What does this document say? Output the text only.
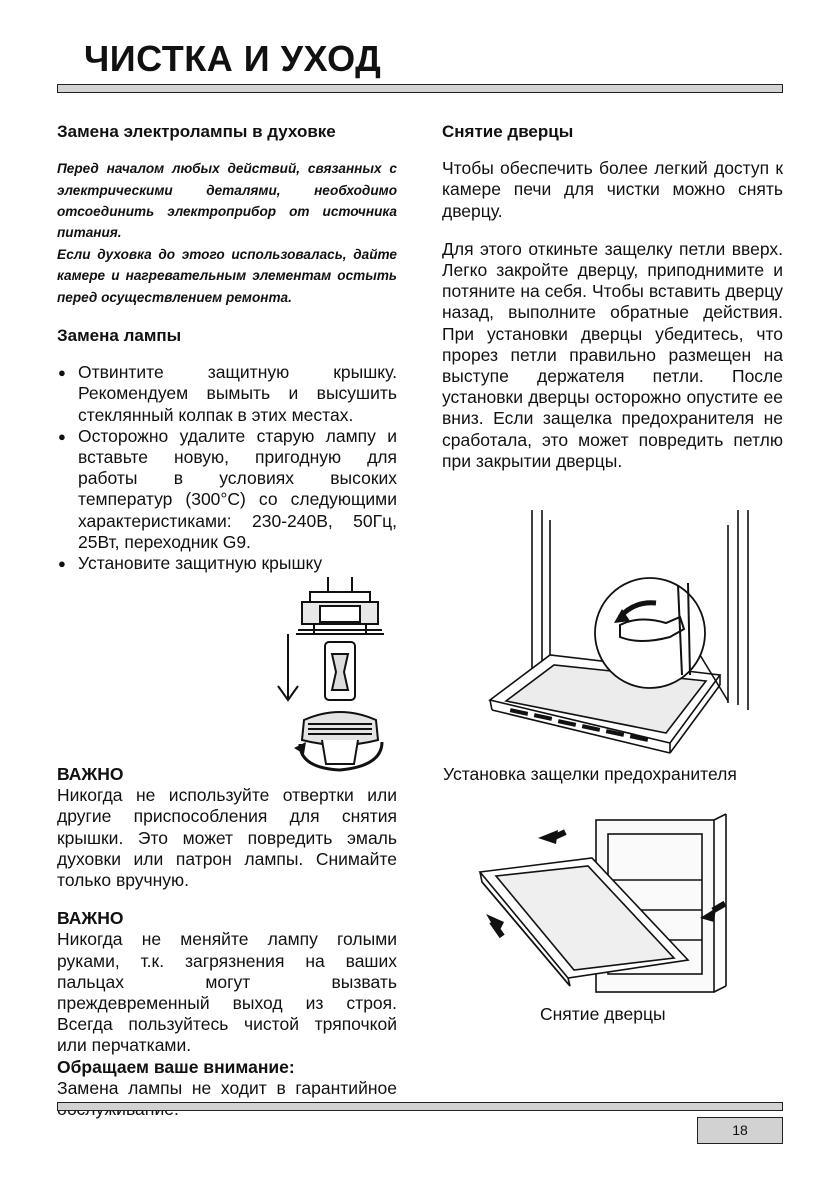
ЧИСТКА И УХОД
Замена электролампы в духовке

Перед началом любых действий, связанных с электрическими деталями, необходимо отсоединить электроприбор от источника питания.

Если духовка до этого использовалась, дайте камере и нагревательным элементам остыть перед осуществлением ремонта.

Замена лампы
● Отвинтите защитную крышку. Рекомендуем вымыть и высушить стеклянный колпак в этих местах.
● Осторожно удалите старую лампу и вставьте новую, пригодную для работы в условиях высоких температур (300°С) со следующими характеристиками: 230-240В, 50Гц, 25Вт, переходник G9.
● Установите защитную крышку
ВАЖНО
Никогда не используйте отвертки или другие приспособления для снятия крышки. Это может повредить эмаль духовки или патрон лампы. Снимайте только вручную.
ВАЖНО
Никогда не меняйте лампу голыми руками, т.к. загрязнения на ваших пальцах могут вызвать преждевременный выход из строя. Всегда пользуйтесь чистой тряпочкой или перчатками.
Обращаем ваше внимание:
Замена лампы не ходит в гарантийное
Снятие дверцы
Чтобы обеспечить более легкий доступ к камере печи для чистки можно снять дверцу.
Для этого откиньте защелку петли вверх. Легко закройте дверцу, приподнимите и потяните на себя. Чтобы вставить дверцу назад, выполните обратные действия. При установки дверцы убедитесь, что прорез петли правильно размещен на выступе держателя петли. После установки дверцы осторожно опустите ее вниз. Если защелка предохранителя не сработала, это может повредить петлю при закрытии дверцы.
Установка защелки предохранителя
Снятие дверцы
18
